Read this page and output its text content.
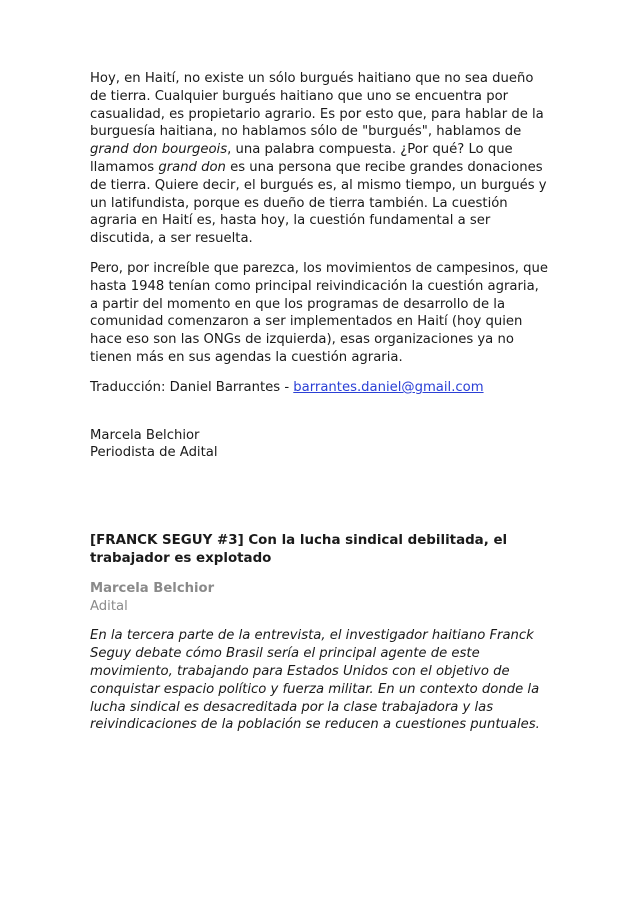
Hoy, en Haití, no existe un sólo burgués haitiano que no sea dueño de tierra. Cualquier burgués haitiano que uno se encuentra por casualidad, es propietario agrario. Es por esto que, para hablar de la burguesía haitiana, no hablamos sólo de "burgués", hablamos de grand don bourgeois, una palabra compuesta. ¿Por qué? Lo que llamamos grand don es una persona que recibe grandes donaciones de tierra. Quiere decir, el burgués es, al mismo tiempo, un burgués y un latifundista, porque es dueño de tierra también. La cuestión agraria en Haití es, hasta hoy, la cuestión fundamental a ser discutida, a ser resuelta.

Pero, por increíble que parezca, los movimientos de campesinos, que hasta 1948 tenían como principal reivindicación la cuestión agraria, a partir del momento en que los programas de desarrollo de la comunidad comenzaron a ser implementados en Haití (hoy quien hace eso son las ONGs de izquierda), esas organizaciones ya no tienen más en sus agendas la cuestión agraria.

Traducción: Daniel Barrantes - barrantes.daniel@gmail.com

Marcela Belchior

Periodista de Adital

[FRANCK SEGUY #3] Con la lucha sindical debilitada, el trabajador es explotado

Marcela Belchior

Adital

En la tercera parte de la entrevista, el investigador haitiano Franck Seguy debate cómo Brasil sería el principal agente de este movimiento, trabajando para Estados Unidos con el objetivo de conquistar espacio político y fuerza militar. En un contexto donde la lucha sindical es desacreditada por la clase trabajadora y las reivindicaciones de la población se reducen a cuestiones puntuales.
